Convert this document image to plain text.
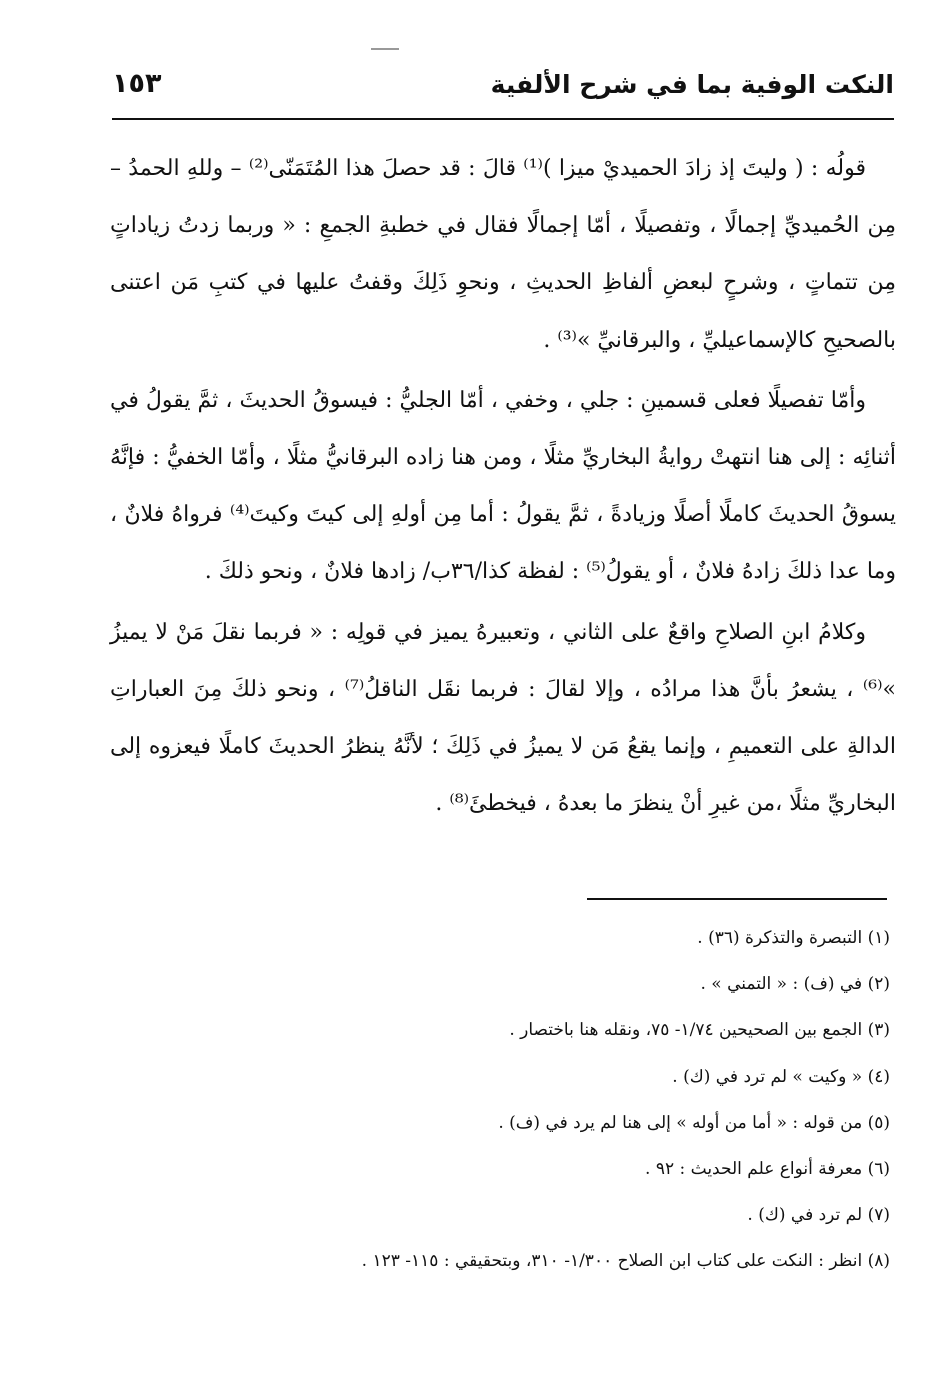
النكت الوفية بما في شرح الألفية
١٥٣

قولُه : ( وليتَ إذ زادَ الحميديْ ميزا )⁽¹⁾ قالَ : قد حصلَ هذا المُتَمَنّى⁽²⁾ – وللهِ الحمدُ – مِن الحُميديِّ إجمالًا ، وتفصيلًا ، أمّا إجمالًا فقال في خطبةِ الجمعِ : « وربما زدتُ زياداتٍ مِن تتماتٍ ، وشرحٍ لبعضِ ألفاظِ الحديثِ ، ونحوِ ذَلِكَ وقفتُ عليها في كتبِ مَن اعتنى بالصحيحِ كالإسماعيليِّ ، والبرقانيِّ »⁽³⁾ .

وأمّا تفصيلًا فعلى قسمينِ : جلي ، وخفي ، أمّا الجليُّ : فيسوقُ الحديثَ ، ثمَّ يقولُ في أثنائِه : إلى هنا انتهتْ روايةُ البخاريِّ مثلًا ، ومن هنا زاده البرقانيُّ مثلًا ، وأمّا الخفيُّ : فإنَّهُ يسوقُ الحديثَ كاملًا أصلًا وزيادةً ، ثمَّ يقولُ : أما مِن أولهِ إلى كيتَ وكيتَ⁽⁴⁾ فرواهُ فلانٌ ، وما عدا ذلكَ زادهُ فلانٌ ، أو يقولُ⁽⁵⁾ : لفظة كذا/٣٦ب/ زادها فلانٌ ، ونحو ذلكَ .

وكلامُ ابنِ الصلاحِ واقعٌ على الثاني ، وتعبيرهُ يميز في قولِه : « فربما نقلَ مَنْ لا يميزُ »⁽⁶⁾ ، يشعرُ بأنَّ هذا مرادُه ، وإلا لقالَ : فربما نقَل الناقلُ⁽⁷⁾ ، ونحو ذلكَ مِنَ العباراتِ الدالةِ على التعميمِ ، وإنما يقعُ مَن لا يميزُ في ذَلِكَ ؛ لأنَّهُ ينظرُ الحديثَ كاملًا فيعزوه إلى البخاريِّ مثلًا ،من غيرِ أنْ ينظرَ ما بعدهُ ، فيخطئَ⁽⁸⁾ .

(١) التبصرة والتذكرة (٣٦) .
(٢) في (ف) : « التمني » .
(٣) الجمع بين الصحيحين ١/٧٤- ٧٥، ونقله هنا باختصار .
(٤) « وكيت » لم ترد في (ك) .
(٥) من قوله : « أما من أوله » إلى هنا لم يرد في (ف) .
(٦) معرفة أنواع علم الحديث : ٩٢ .
(٧) لم ترد في (ك) .
(٨) انظر : النكت على كتاب ابن الصلاح ١/٣٠٠- ٣١٠، وبتحقيقي : ١١٥- ١٢٣ .
